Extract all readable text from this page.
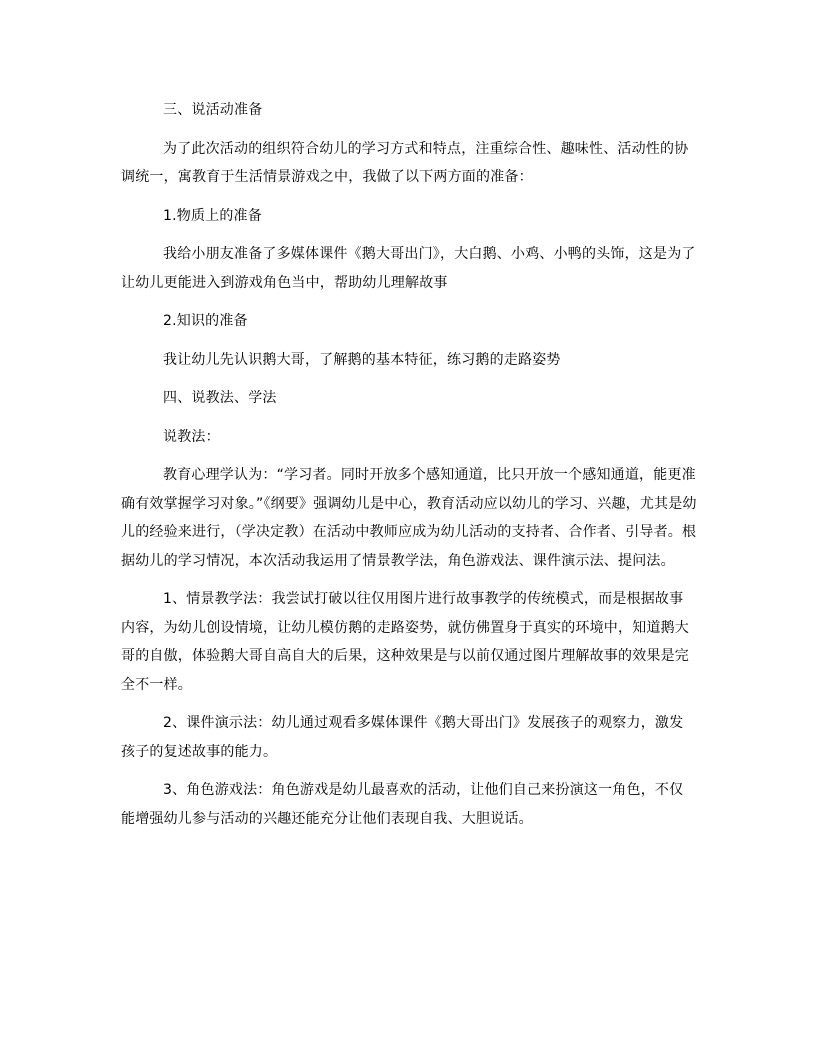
三、说活动准备

为了此次活动的组织符合幼儿的学习方式和特点，注重综合性、趣味性、活动性的协调统一，寓教育于生活情景游戏之中，我做了以下两方面的准备：

1.物质上的准备

我给小朋友准备了多媒体课件《鹅大哥出门》，大白鹅、小鸡、小鸭的头饰，这是为了让幼儿更能进入到游戏角色当中，帮助幼儿理解故事

2.知识的准备

我让幼儿先认识鹅大哥，了解鹅的基本特征，练习鹅的走路姿势

四、说教法、学法

说教法：

教育心理学认为：“学习者。同时开放多个感知通道，比只开放一个感知通道，能更准确有效掌握学习对象。”《纲要》强调幼儿是中心，教育活动应以幼儿的学习、兴趣，尤其是幼儿的经验来进行，（学决定教）在活动中教师应成为幼儿活动的支持者、合作者、引导者。根据幼儿的学习情况，本次活动我运用了情景教学法，角色游戏法、课件演示法、提问法。

1、情景教学法：我尝试打破以往仅用图片进行故事教学的传统模式，而是根据故事内容，为幼儿创设情境，让幼儿模仿鹅的走路姿势，就仿佛置身于真实的环境中，知道鹅大哥的自傲，体验鹅大哥自高自大的后果，这种效果是与以前仅通过图片理解故事的效果是完全不一样。

2、课件演示法：幼儿通过观看多媒体课件《鹅大哥出门》发展孩子的观察力，激发孩子的复述故事的能力。

3、角色游戏法：角色游戏是幼儿最喜欢的活动，让他们自己来扮演这一角色，不仅能增强幼儿参与活动的兴趣还能充分让他们表现自我、大胆说话。
